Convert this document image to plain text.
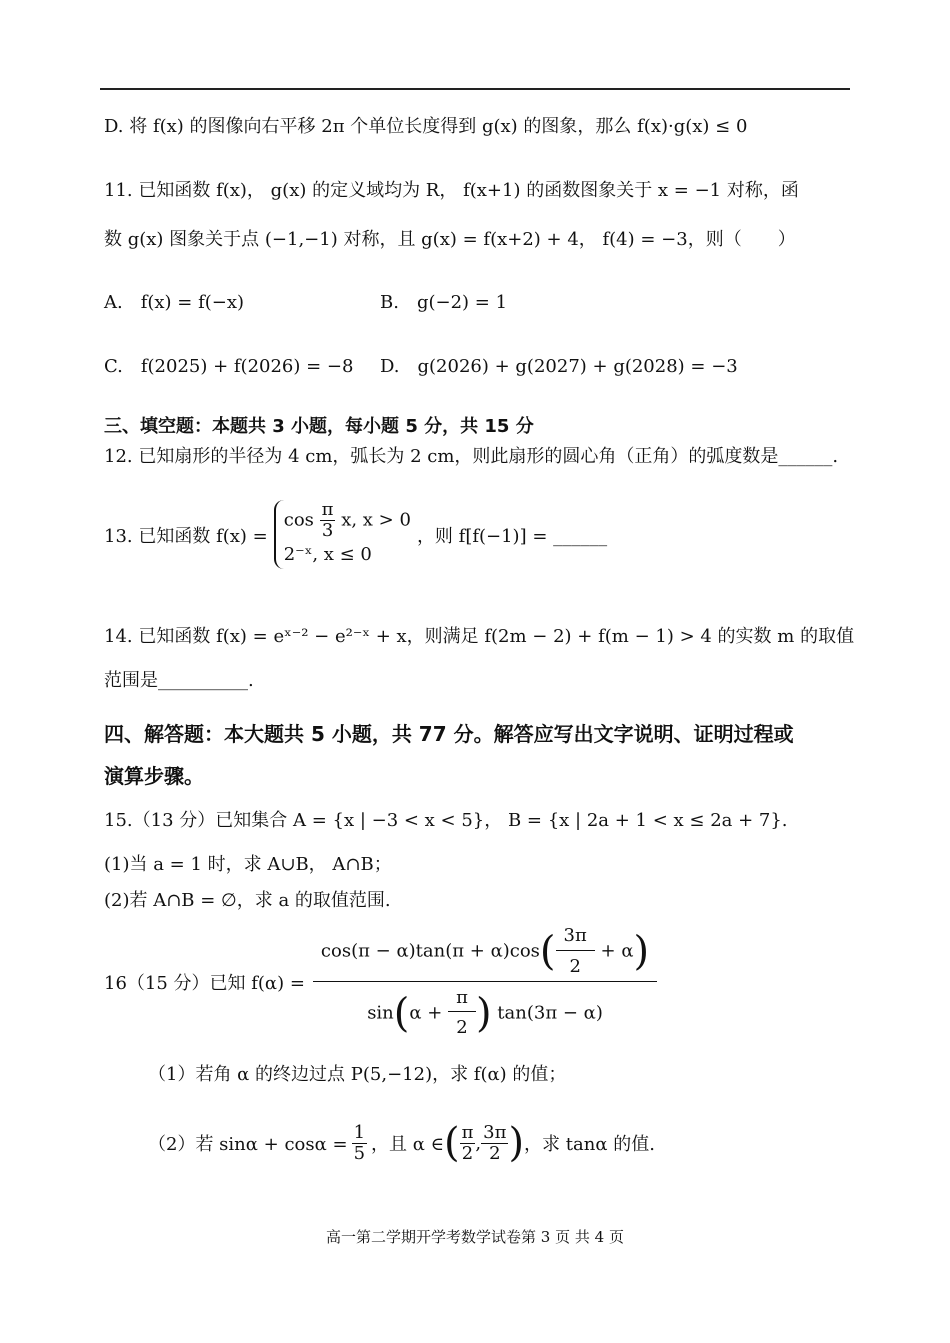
D. 将 f(x) 的图像向右平移 2π 个单位长度得到 g(x) 的图象，那么 f(x)·g(x) ≤ 0
11. 已知函数 f(x)， g(x) 的定义域均为 R， f(x+1) 的函数图象关于 x = −1 对称，函
数 g(x) 图象关于点 (−1,−1) 对称，且 g(x) = f(x+2) + 4， f(4) = −3，则（　　）
A.　f(x) = f(−x)	B.　g(−2) = 1
C.　f(2025) + f(2026) = −8 D.　g(2026) + g(2027) + g(2028) = −3
三、填空题：本题共 3 小题，每小题 5 分，共 15 分
12. 已知扇形的半径为 4 cm，弧长为 2 cm，则此扇形的圆心角（正角）的弧度数是______.
13. 已知函数 f(x) =
$\cos \frac{\pi}{3} x$, x > 0
2⁻ˣ, x ≤ 0
，则 f[f(−1)] = ______
14. 已知函数 f(x) = eˣ⁻² − e²⁻ˣ + x，则满足 f(2m − 2) + f(m − 1) > 4 的实数 m 的取值
范围是__________.
四、解答题：本大题共 5 小题，共 77 分。解答应写出文字说明、证明过程或
演算步骤。
15.（13 分）已知集合 A = {x | −3 < x < 5}， B = {x | 2a + 1 < x ≤ 2a + 7}.
(1)当 a = 1 时，求 A∪B， A∩B；
(2)若 A∩B = ∅，求 a 的取值范围.
16（15 分）已知 $f(\alpha) = \frac{\cos(\pi - \alpha)\tan(\pi + \alpha)\cos( \frac{3\pi}{2} + \alpha)}{\sin(\alpha + \frac{\pi}{2} ) \tan(3\pi - \alpha)}$
（1）若角 α 的终边过点 P(5,−12)，求 f(α) 的值；
（2）若 $\sin\alpha + \cos\alpha = \frac{1}{5}$ ，且 α ∈ ( $\frac{\pi}{2}$ , $\frac{3\pi}{2}$ ) ，求 tanα 的值.
高一第二学期开学考数学试卷第 3 页 共 4 页
